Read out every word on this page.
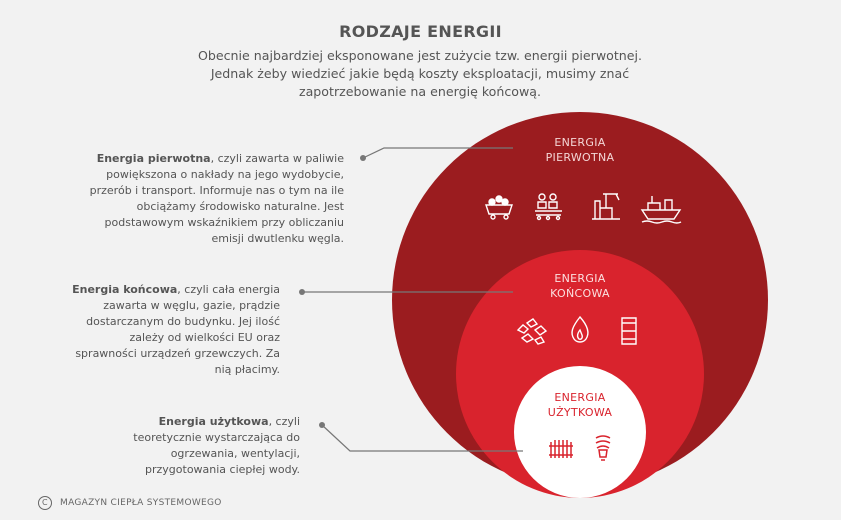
RODZAJE ENERGII
Obecnie najbardziej eksponowane jest zużycie tzw. energii pierwotnej. Jednak żeby wiedzieć jakie będą koszty eksploatacji, musimy znać zapotrzebowanie na energię końcową.
ENERGIA
PIERWOTNA
ENERGIA
KOŃCOWA
ENERGIA
UŻYTKOWA
Energia pierwotna, czyli zawarta w paliwie powiększona o nakłady na jego wydobycie, przerób i transport. Informuje nas o tym na ile obciążamy środowisko naturalne. Jest podstawowym wskaźnikiem przy obliczaniu emisji dwutlenku węgla.
Energia końcowa, czyli cała energia zawarta w węglu, gazie, prądzie dostarczanym do budynku. Jej ilość zależy od wielkości EU oraz sprawności urządzeń grzewczych. Za nią płacimy.
Energia użytkowa, czyli teoretycznie wystarczająca do ogrzewania, wentylacji, przygotowania ciepłej wody.
C	MAGAZYN CIEPŁA SYSTEMOWEGO
